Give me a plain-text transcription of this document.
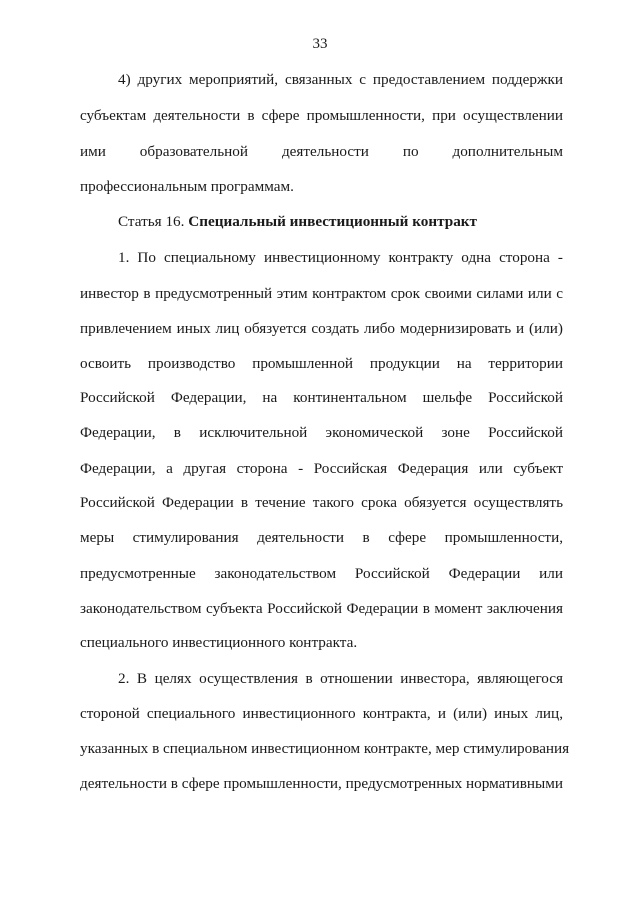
33
4) других мероприятий, связанных с предоставлением поддержки
субъектам деятельности в сфере промышленности, при осуществлении
ими образовательной деятельности по дополнительным
профессиональным программам.
Статья 16. Специальный инвестиционный контракт
1. По специальному инвестиционному контракту одна сторона -
инвестор в предусмотренный этим контрактом срок своими силами или с
привлечением иных лиц обязуется создать либо модернизировать и (или)
освоить производство промышленной продукции на территории
Российской Федерации, на континентальном шельфе Российской
Федерации, в исключительной экономической зоне Российской
Федерации, а другая сторона - Российская Федерация или субъект
Российской Федерации в течение такого срока обязуется осуществлять
меры стимулирования деятельности в сфере промышленности,
предусмотренные законодательством Российской Федерации или
законодательством субъекта Российской Федерации в момент заключения
специального инвестиционного контракта.
2. В целях осуществления в отношении инвестора, являющегося
стороной специального инвестиционного контракта, и (или) иных лиц,
указанных в специальном инвестиционном контракте, мер стимулирования
деятельности в сфере промышленности, предусмотренных нормативными
